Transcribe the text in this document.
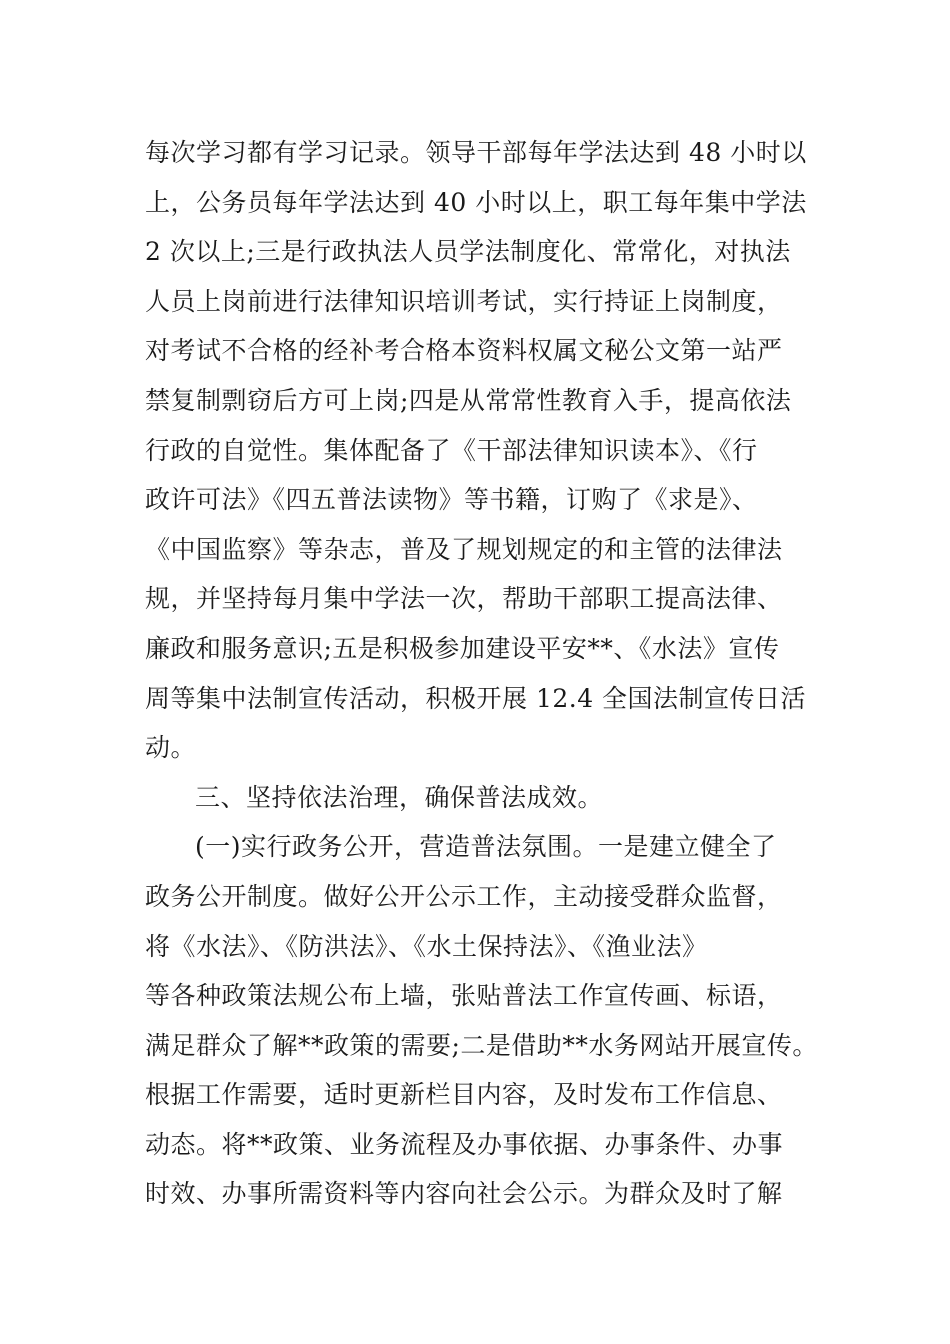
每次学习都有学习记录。领导干部每年学法达到 48 小时以
上，公务员每年学法达到 40 小时以上，职工每年集中学法
2 次以上;三是行政执法人员学法制度化、常常化，对执法
人员上岗前进行法律知识培训考试，实行持证上岗制度，
对考试不合格的经补考合格本资料权属文秘公文第一站严
禁复制剽窃后方可上岗;四是从常常性教育入手，提高依法
行政的自觉性。集体配备了《干部法律知识读本》、《行
政许可法》《四五普法读物》等书籍，订购了《求是》、
《中国监察》等杂志，普及了规划规定的和主管的法律法
规，并坚持每月集中学法一次，帮助干部职工提高法律、
廉政和服务意识;五是积极参加建设平安**、《水法》宣传
周等集中法制宣传活动，积极开展 12.4 全国法制宣传日活
动。
三、坚持依法治理，确保普法成效。
(一)实行政务公开，营造普法氛围。一是建立健全了
政务公开制度。做好公开公示工作，主动接受群众监督，
将《水法》、《防洪法》、《水土保持法》、《渔业法》
等各种政策法规公布上墙，张贴普法工作宣传画、标语，
满足群众了解**政策的需要;二是借助**水务网站开展宣传。
根据工作需要，适时更新栏目内容，及时发布工作信息、
动态。将**政策、业务流程及办事依据、办事条件、办事
时效、办事所需资料等内容向社会公示。为群众及时了解
